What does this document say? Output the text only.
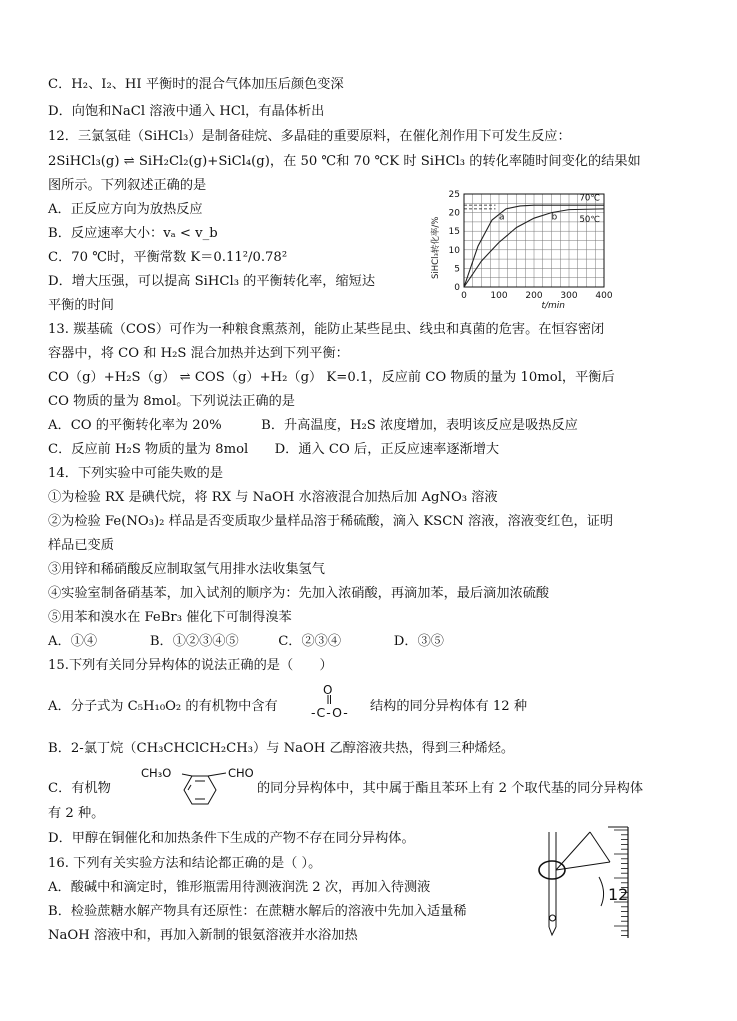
C．H₂、I₂、HI 平衡时的混合气体加压后颜色变深
D．向饱和NaCl 溶液中通入 HCl，有晶体析出
12．三氯氢硅（SiHCl₃）是制备硅烷、多晶硅的重要原料，在催化剂作用下可发生反应：
2SiHCl₃(g) ⇌ SiH₂Cl₂(g)+SiCl₄(g)，在 50 ℃和 70 ℃K 时 SiHCl₃ 的转化率随时间变化的结果如
图所示。下列叙述正确的是
A．正反应方向为放热反应
B．反应速率大小：vₐ < v_b
C．70 ℃时，平衡常数 K＝0.11²/0.78²
D．增大压强，可以提高 SiHCl₃ 的平衡转化率，缩短达
平衡的时间
13. 羰基硫（COS）可作为一种粮食熏蒸剂，能防止某些昆虫、线虫和真菌的危害。在恒容密闭
容器中，将 CO 和 H₂S 混合加热并达到下列平衡：
CO（g）+H₂S（g） ⇌ COS（g）+H₂（g） K=0.1，反应前 CO 物质的量为 10mol，平衡后
CO 物质的量为 8mol。下列说法正确的是
A．CO 的平衡转化率为 20%　　　B．升高温度，H₂S 浓度增加，表明该反应是吸热反应
C．反应前 H₂S 物质的量为 8mol　　D．通入 CO 后，正反应速率逐渐增大
14．下列实验中可能失败的是
①为检验 RX 是碘代烷，将 RX 与 NaOH 水溶液混合加热后加 AgNO₃ 溶液
②为检验 Fe(NO₃)₂ 样品是否变质取少量样品溶于稀硫酸，滴入 KSCN 溶液，溶液变红色，证明
样品已变质
③用锌和稀硝酸反应制取氢气用排水法收集氢气
④实验室制备硝基苯，加入试剂的顺序为：先加入浓硝酸，再滴加苯，最后滴加浓硫酸
⑤用苯和溴水在 FeBr₃ 催化下可制得溴苯
A．①④　　　　B．①②③④⑤　　　C．②③④　　　　D．③⑤
15.下列有关同分异构体的说法正确的是（　　）
A．分子式为 C₅H₁₀O₂ 的有机物中含有
O
-C-O- 结构的同分异构体有 12 种
B．2-氯丁烷（CH₃CHClCH₂CH₃）与 NaOH 乙醇溶液共热，得到三种烯烃。
CH₃O	CHO
C．有机物	的同分异构体中，其中属于酯且苯环上有 2 个取代基的同分异构体
有 2 种。
D．甲醇在铜催化和加热条件下生成的产物不存在同分异构体。
16. 下列有关实验方法和结论都正确的是（ ）。
A．酸碱中和滴定时，锥形瓶需用待测液润洗 2 次，再加入待测液
B．检验蔗糖水解产物具有还原性：在蔗糖水解后的溶液中先加入适量稀
NaOH 溶液中和，再加入新制的银氨溶液并水浴加热
0	100 200 300 400
0
5
10
15
20
25	70℃
50℃
a	b
SiHCl₃转化率/%
t/min
12
